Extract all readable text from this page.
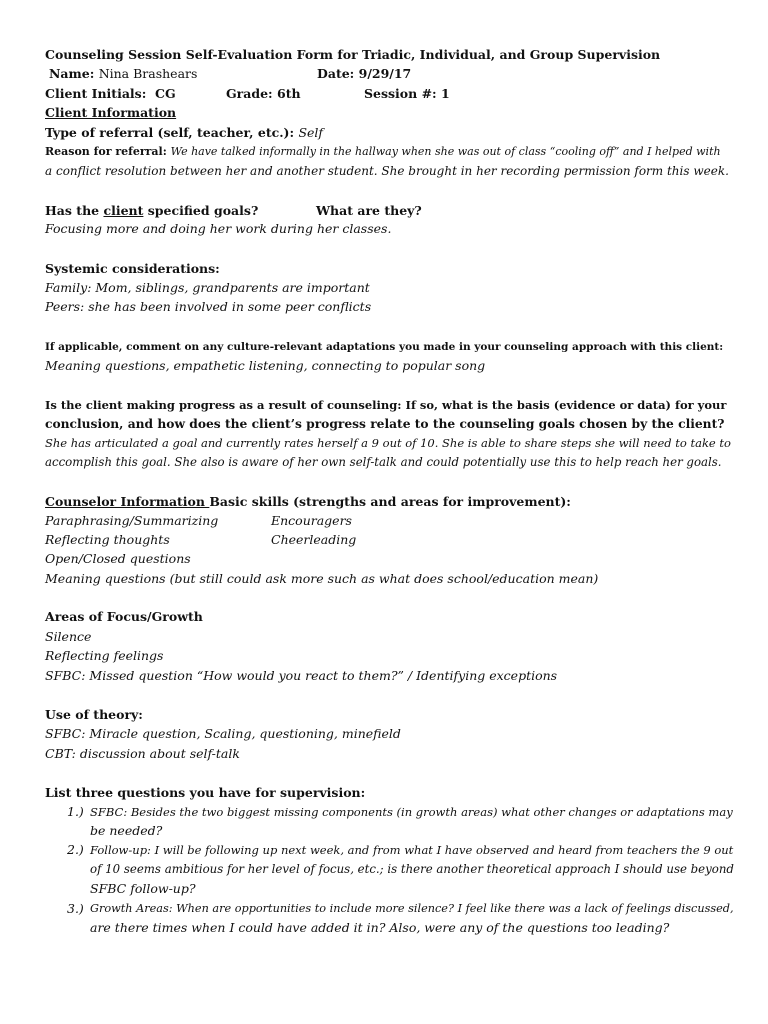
Counseling Session Self-Evaluation Form for Triadic, Individual, and Group Supervision
Name: Nina Brashears	Date: 9/29/17
Client Initials: CG	Grade: 6th	Session #: 1
Client Information
Type of referral (self, teacher, etc.): Self
Reason for referral: We have talked informally in the hallway when she was out of class “cooling off” and I helped with
a conflict resolution between her and another student. She brought in her recording permission form this week.
Has the client specified goals?	What are they?
Focusing more and doing her work during her classes.
Systemic considerations:
Family: Mom, siblings, grandparents are important
Peers: she has been involved in some peer conflicts
If applicable, comment on any culture-relevant adaptations you made in your counseling approach with this client:
Meaning questions, empathetic listening, connecting to popular song
Is the client making progress as a result of counseling: If so, what is the basis (evidence or data) for your
conclusion, and how does the client’s progress relate to the counseling goals chosen by the client?
She has articulated a goal and currently rates herself a 9 out of 10. She is able to share steps she will need to take to
accomplish this goal. She also is aware of her own self-talk and could potentially use this to help reach her goals.
Counselor Information Basic skills (strengths and areas for improvement):
Paraphrasing/Summarizing	Encouragers
Reflecting thoughts	Cheerleading
Open/Closed questions
Meaning questions (but still could ask more such as what does school/education mean)
Areas of Focus/Growth
Silence
Reflecting feelings
SFBC: Missed question “How would you react to them?” / Identifying exceptions
Use of theory:
SFBC: Miracle question, Scaling, questioning, minefield
CBT: discussion about self-talk
List three questions you have for supervision:
1.) SFBC: Besides the two biggest missing components (in growth areas) what other changes or adaptations may
be needed?
2.) Follow-up: I will be following up next week, and from what I have observed and heard from teachers the 9 out
of 10 seems ambitious for her level of focus, etc.; is there another theoretical approach I should use beyond
SFBC follow-up?
3.) Growth Areas: When are opportunities to include more silence? I feel like there was a lack of feelings discussed,
are there times when I could have added it in? Also, were any of the questions too leading?
